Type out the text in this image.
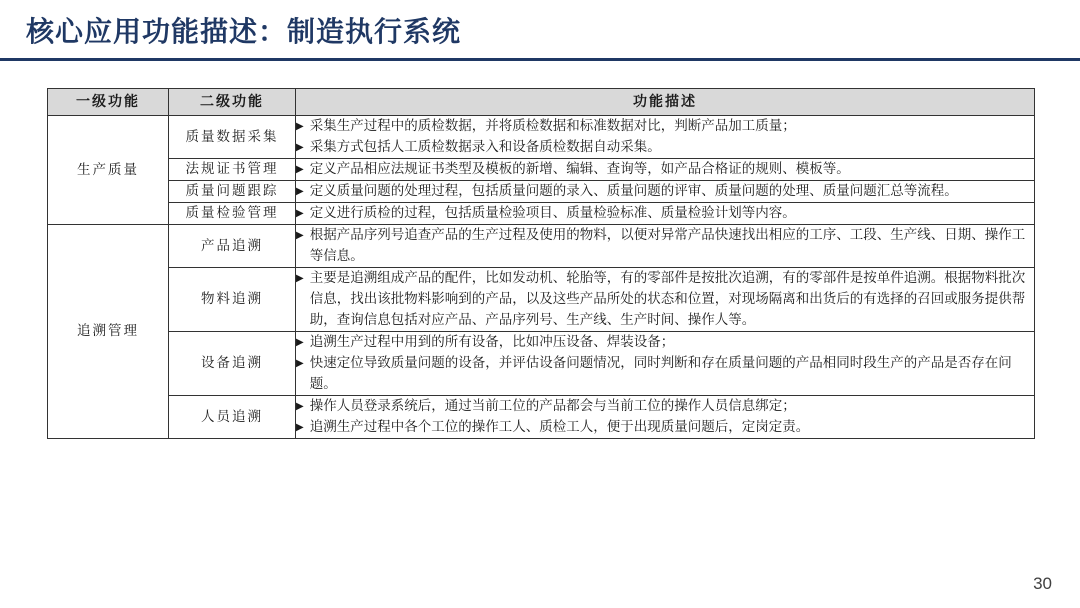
核心应用功能描述：制造执行系统
一级功能	二级功能	功能描述
生产质量	质量数据采集	▶ 采集生产过程中的质检数据，并将质检数据和标准数据对比，判断产品加工质量；
▶ 采集方式包括人工质检数据录入和设备质检数据自动采集。

	法规证书管理	▶ 定义产品相应法规证书类型及模板的新增、编辑、查询等，如产品合格证的规则、模板等。

	质量问题跟踪	▶ 定义质量问题的处理过程，包括质量问题的录入、质量问题的评审、质量问题的处理、质量问题汇总等流程。

	质量检验管理	▶ 定义进行质检的过程，包括质量检验项目、质量检验标准、质量检验计划等内容。

追溯管理	产品追溯	▶ 根据产品序列号追查产品的生产过程及使用的物料，以便对异常产品快速找出相应的工序、工段、生产线、日期、操作工等信息。

	物料追溯	▶ 主要是追溯组成产品的配件，比如发动机、轮胎等，有的零部件是按批次追溯，有的零部件是按单件追溯。根据物料批次信息，找出该批物料影响到的产品，以及这些产品所处的状态和位置，对现场隔离和出货后的有选择的召回或服务提供帮助，查询信息包括对应产品、产品序列号、生产线、生产时间、操作人等。

	设备追溯	▶ 追溯生产过程中用到的所有设备，比如冲压设备、焊装设备；
▶ 快速定位导致质量问题的设备，并评估设备问题情况，同时判断和存在质量问题的产品相同时段生产的产品是否存在问题。

	人员追溯	▶ 操作人员登录系统后，通过当前工位的产品都会与当前工位的操作人员信息绑定；
▶ 追溯生产过程中各个工位的操作工人、质检工人，便于出现质量问题后，定岗定责。
30
